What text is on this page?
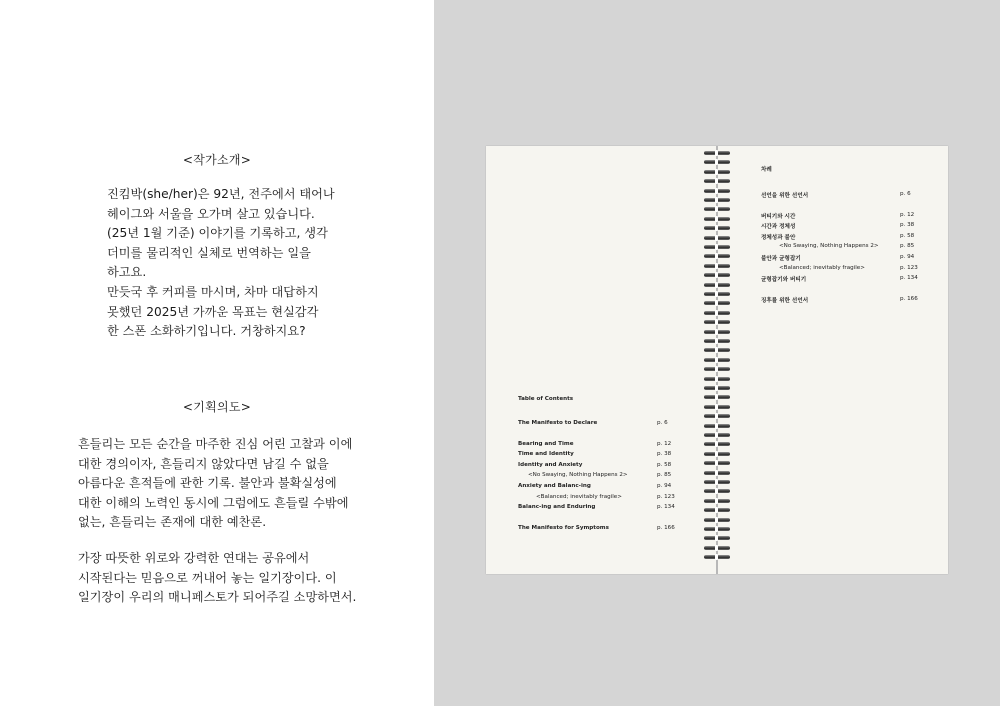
<작가소개>
진킴박(she/her)은 92년, 전주에서 태어나
헤이그와 서울을 오가며 살고 있습니다.
(25년 1월 기준) 이야기를 기록하고, 생각
더미를 물리적인 실체로 번역하는 일을
하고요.
만듯국 후 커피를 마시며, 차마 대답하지
못했던 2025년 가까운 목표는 현실감각
한 스폰 소화하기입니다. 거창하지요?
<기획의도>
흔들리는 모든 순간을 마주한 진심 어린 고찰과 이에
대한 경의이자, 흔들리지 않았다면 남길 수 없을
아름다운 흔적들에 관한 기록. 불안과 불확실성에
대한 이해의 노력인 동시에 그럼에도 흔들릴 수밖에
없는, 흔들리는 존재에 대한 예찬론.
가장 따뜻한 위로와 강력한 연대는 공유에서
시작된다는 믿음으로 꺼내어 놓는 일기장이다. 이
일기장이 우리의 매니페스토가 되어주길 소망하면서.
Table of Contents
The Manifesto to Declare	p. 6
Bearing and Time	p. 12
Time and Identity	p. 38
Identity and Anxiety	p. 58
<No Swaying, Nothing Happens 2>	p. 85
Anxiety and Balanc-ing	p. 94
<Balanced; inevitably fragile>	p. 123
Balanc-ing and Enduring	p. 134
The Manifesto for Symptoms	p. 166
차례
선언을 위한 선언서	p. 6
버티기와 시간	p. 12
시간과 정체성	p. 38
정체성과 불안	p. 58
<No Swaying, Nothing Happens 2>	p. 85
불안과 균형잡기	p. 94
<Balanced; inevitably fragile>	p. 123
균형잡기와 버티기	p. 134
징후를 위한 선언서	p. 166
